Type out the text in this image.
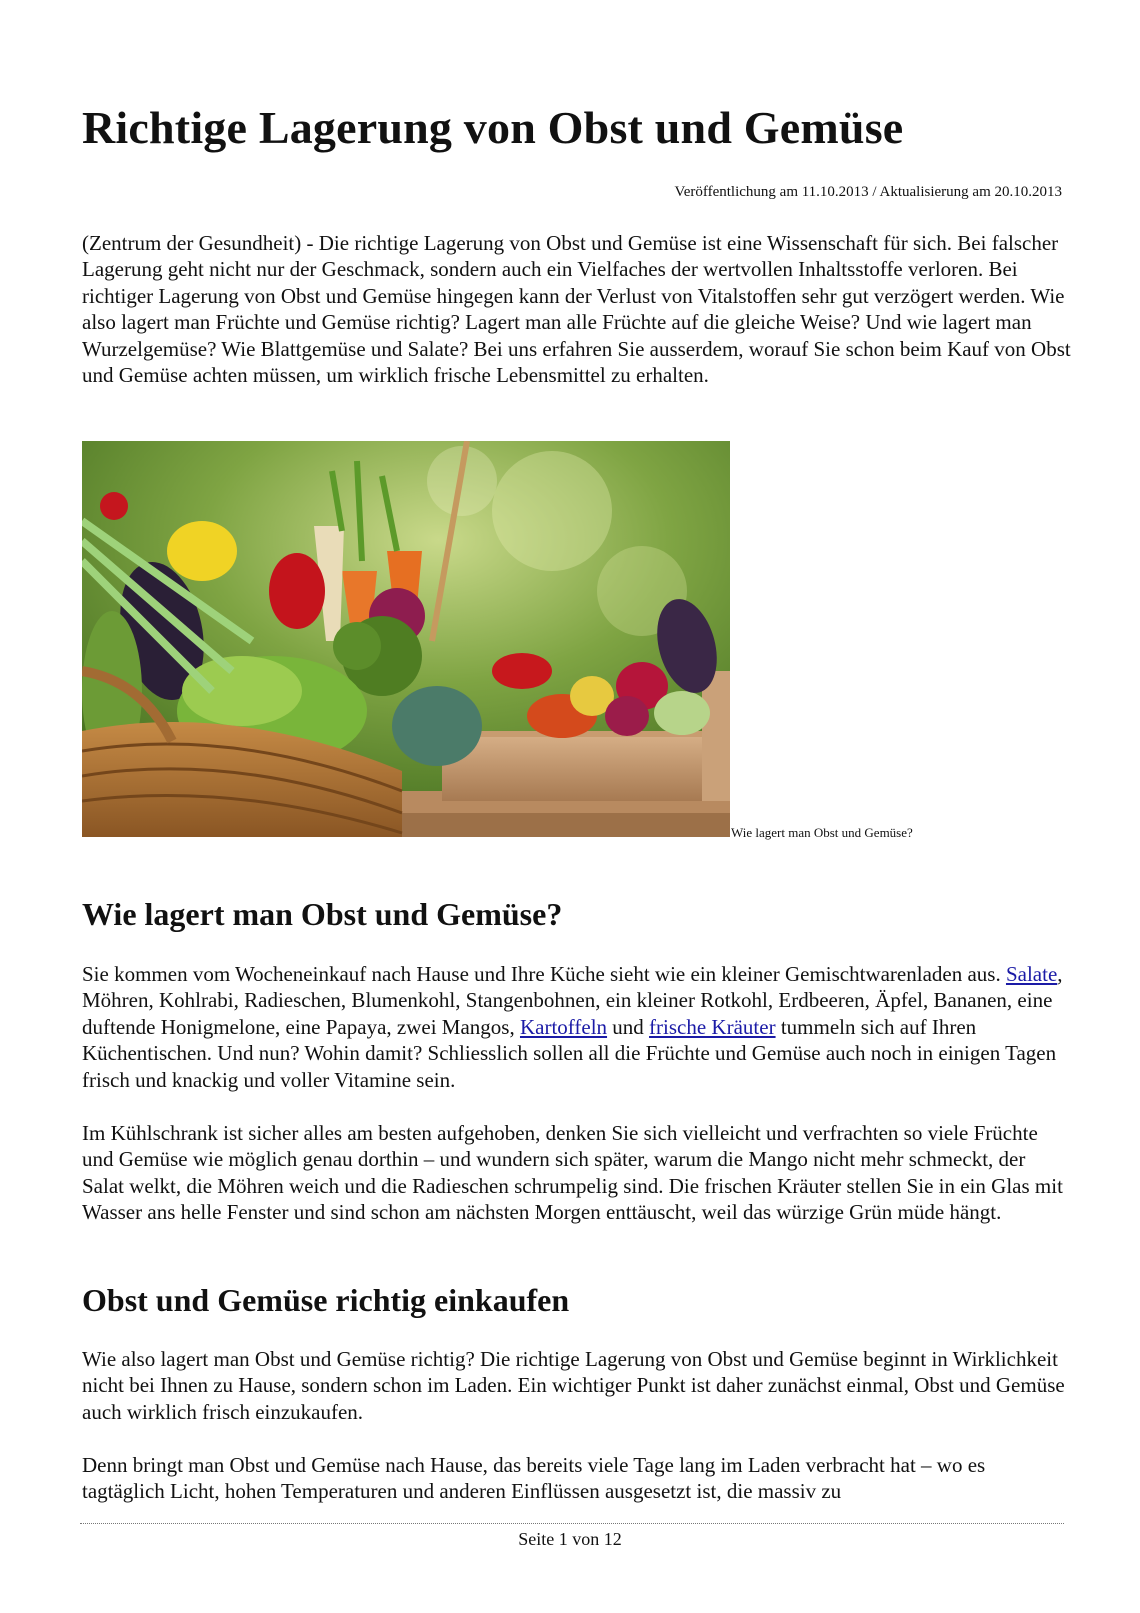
Richtige Lagerung von Obst und Gemüse
Veröffentlichung am 11.10.2013 / Aktualisierung am 20.10.2013

(Zentrum der Gesundheit) - Die richtige Lagerung von Obst und Gemüse ist eine Wissenschaft für sich. Bei falscher Lagerung geht nicht nur der Geschmack, sondern auch ein Vielfaches der wertvollen Inhaltsstoffe verloren. Bei richtiger Lagerung von Obst und Gemüse hingegen kann der Verlust von Vitalstoffen sehr gut verzögert werden. Wie also lagert man Früchte und Gemüse richtig? Lagert man alle Früchte auf die gleiche Weise? Und wie lagert man Wurzelgemüse? Wie Blattgemüse und Salate? Bei uns erfahren Sie ausserdem, worauf Sie schon beim Kauf von Obst und Gemüse achten müssen, um wirklich frische Lebensmittel zu erhalten.

Wie lagert man Obst und Gemüse?
Wie lagert man Obst und Gemüse?

Sie kommen vom Wocheneinkauf nach Hause und Ihre Küche sieht wie ein kleiner Gemischtwarenladen aus. Salate, Möhren, Kohlrabi, Radieschen, Blumenkohl, Stangenbohnen, ein kleiner Rotkohl, Erdbeeren, Äpfel, Bananen, eine duftende Honigmelone, eine Papaya, zwei Mangos, Kartoffeln und frische Kräuter tummeln sich auf Ihren Küchentischen. Und nun? Wohin damit? Schliesslich sollen all die Früchte und Gemüse auch noch in einigen Tagen frisch und knackig und voller Vitamine sein.

Im Kühlschrank ist sicher alles am besten aufgehoben, denken Sie sich vielleicht und verfrachten so viele Früchte und Gemüse wie möglich genau dorthin – und wundern sich später, warum die Mango nicht mehr schmeckt, der Salat welkt, die Möhren weich und die Radieschen schrumpelig sind. Die frischen Kräuter stellen Sie in ein Glas mit Wasser ans helle Fenster und sind schon am nächsten Morgen enttäuscht, weil das würzige Grün müde hängt.

Obst und Gemüse richtig einkaufen

Wie also lagert man Obst und Gemüse richtig? Die richtige Lagerung von Obst und Gemüse beginnt in Wirklichkeit nicht bei Ihnen zu Hause, sondern schon im Laden. Ein wichtiger Punkt ist daher zunächst einmal, Obst und Gemüse auch wirklich frisch einzukaufen.

Denn bringt man Obst und Gemüse nach Hause, das bereits viele Tage lang im Laden verbracht hat – wo es tagtäglich Licht, hohen Temperaturen und anderen Einflüssen ausgesetzt ist, die massiv zu

Seite 1 von 12
